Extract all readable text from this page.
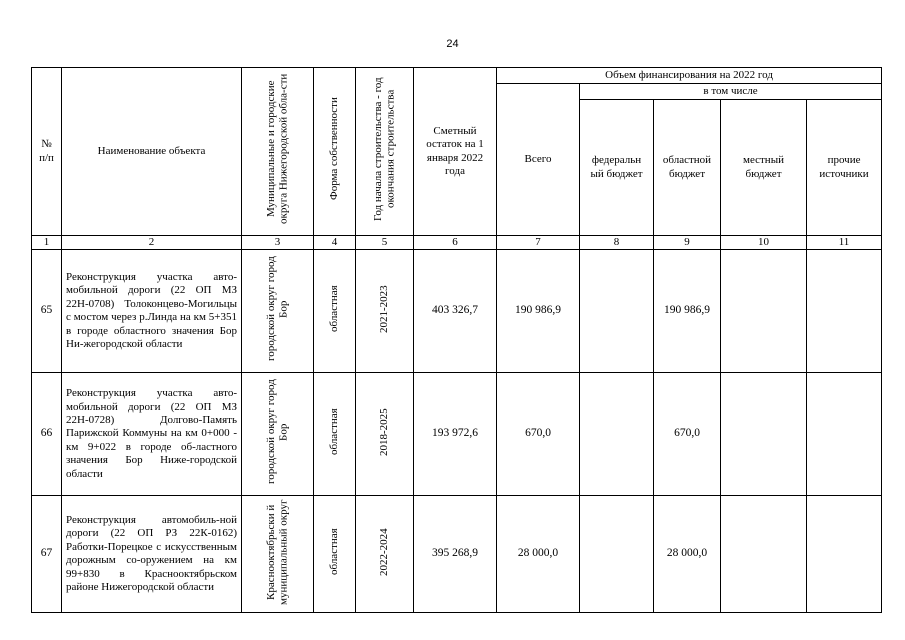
24
№ п/п	Наименование объекта	Муниципальные и городские округа Нижегородской обла-сти	Форма собственности	Год начала строительства - год окончания строительства	Сметный остаток на 1 января 2022 года	Объем финансирования на 2022 год				
						Всего	в том числе			
							федеральн ый бюджет	областной бюджет	местный бюджет	прочие источники
1	2	3	4	5	6	7	8	9	10	11
65	Реконструкция участка авто-мобильной дороги (22 ОП МЗ 22Н-0708) Толоконцево-Могильцы с мостом через р.Линда на км 5+351 в городе областного значения Бор Ни-жегородской области	городской округ город Бор	областная	2021-2023	403 326,7	190 986,9		190 986,9		
66	Реконструкция участка авто-мобильной дороги (22 ОП МЗ 22Н-0728) Долгово-Память Парижской Коммуны на км 0+000 - км 9+022 в городе об-ластного значения Бор Ниже-городской области	городской округ город Бор	областная	2018-2025	193 972,6	670,0		670,0		
67	Реконструкция автомобиль-ной дороги (22 ОП РЗ 22К-0162) Работки-Порецкое с искусственным дорожным со-оружением на км 99+830 в Краснооктябрьском районе Нижегородской области	Краснооктябрьски й муниципальный округ	областная	2022-2024	395 268,9	28 000,0		28 000,0		
